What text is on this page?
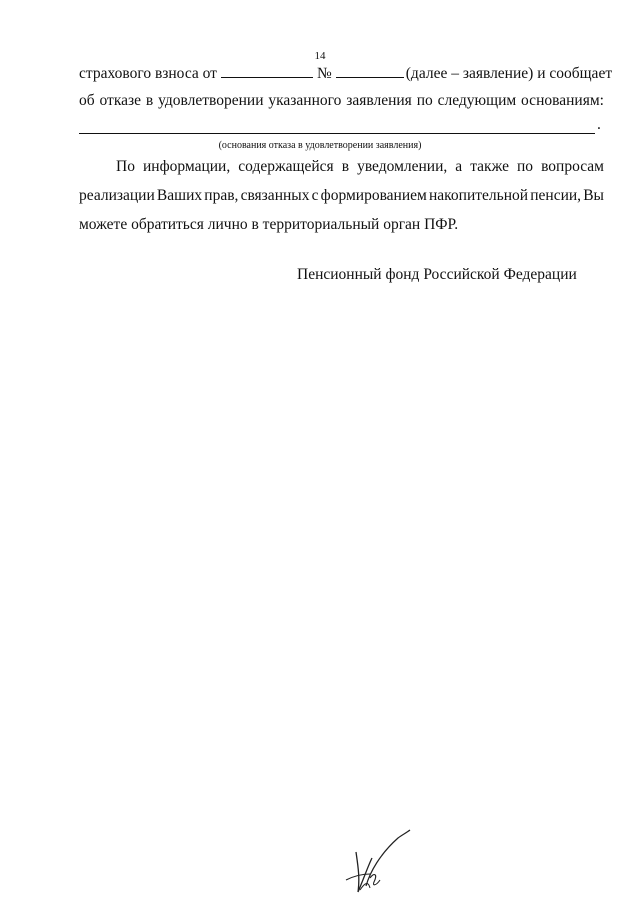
14
страхового взноса от	№	(далее – заявление) и сообщает
об отказе в удовлетворении указанного заявления по следующим основаниям:
.
(основания отказа в удовлетворении заявления)
По информации, содержащейся в уведомлении, а также по вопросам
реализации Ваших прав, связанных с формированием накопительной пенсии, Вы
можете обратиться лично в территориальный орган ПФР.
Пенсионный фонд Российской Федерации
